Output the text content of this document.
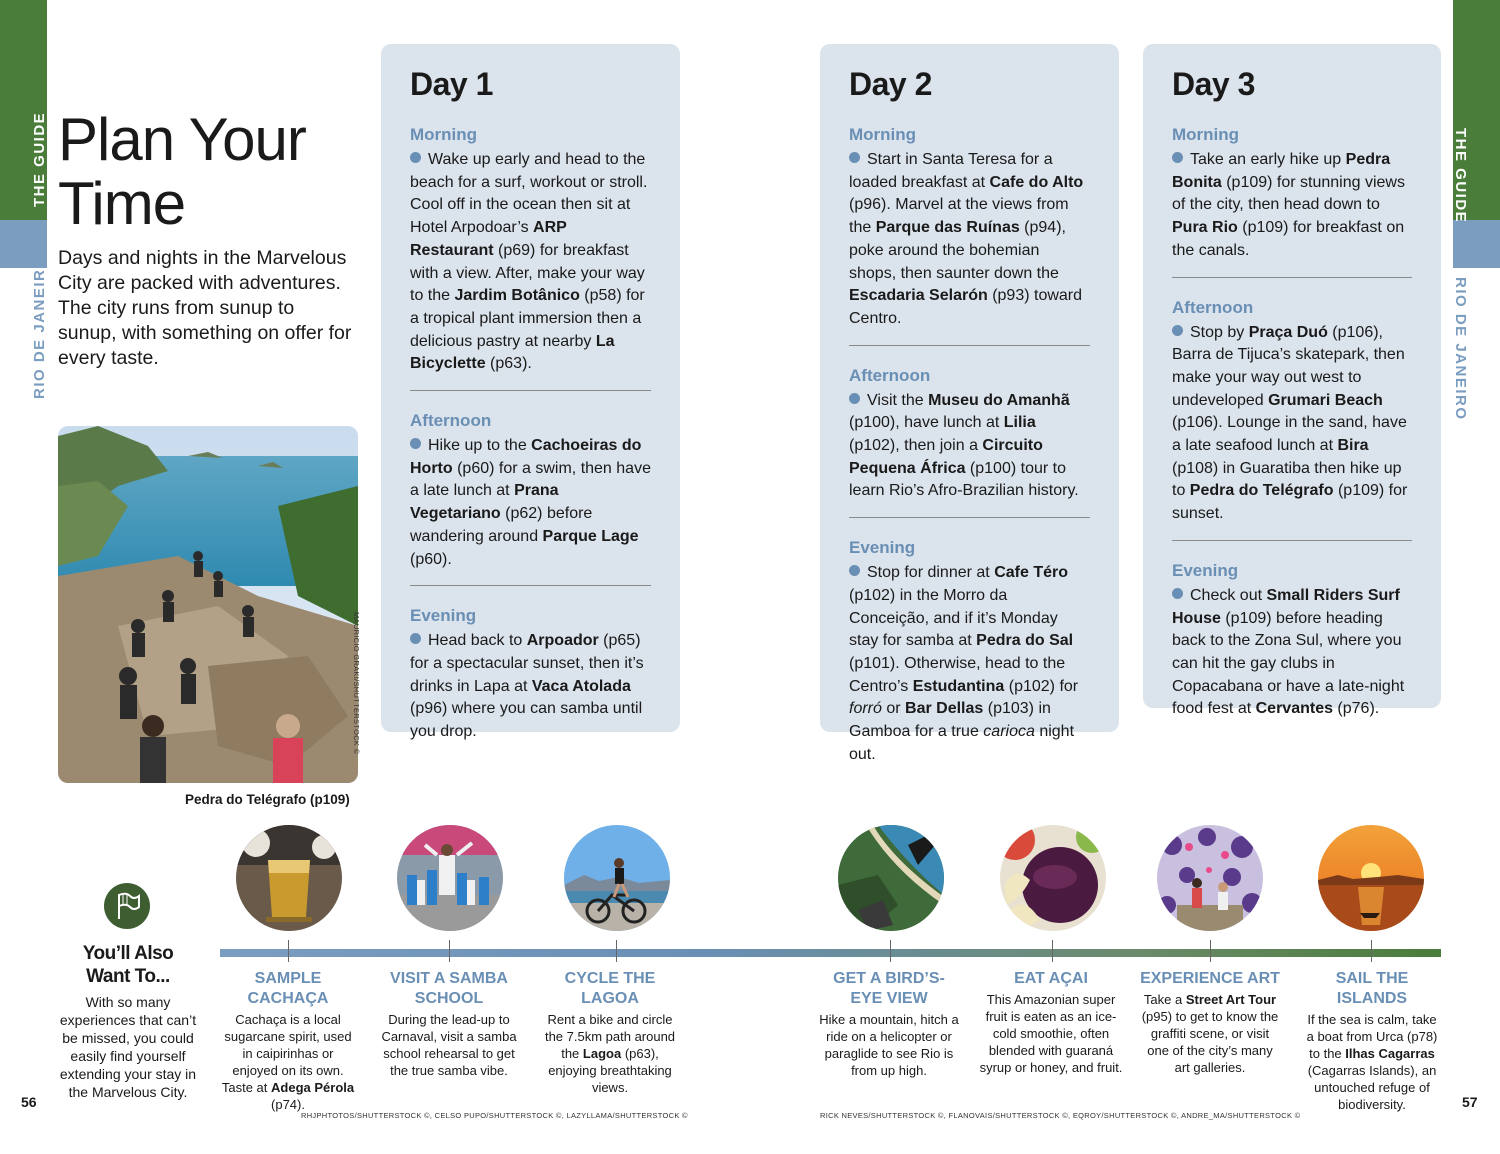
THE GUIDE
RIO DE JANEIRO
THE GUIDE
RIO DE JANEIRO
56	57
Plan Your
Time

Days and nights in the Marvelous City are packed with adventures. The city runs from sunup to sunup, with something on offer for every taste.

MAURICIO GRAKI/SHUTTERSTOCK ©
Pedra do Telégrafo (p109)
Day 1
Morning
Wake up early and head to the beach for a surf, workout or stroll. Cool off in the ocean then sit at Hotel Arpodoar’s ARP Restaurant (p69) for breakfast with a view. After, make your way to the Jardim Botânico (p58) for a tropical plant immersion then a delicious pastry at nearby La Bicyclette (p63).
Afternoon
Hike up to the Cachoeiras do Horto (p60) for a swim, then have a late lunch at Prana Vegetariano (p62) before wandering around Parque Lage (p60).
Evening
Head back to Arpoador (p65) for a spectacular sunset, then it’s drinks in Lapa at Vaca Atolada (p96) where you can samba until you drop.
Day 2
Morning
Start in Santa Teresa for a loaded breakfast at Cafe do Alto (p96). Marvel at the views from the Parque das Ruínas (p94), poke around the bohemian shops, then saunter down the Escadaria Selarón (p93) toward Centro.
Afternoon
Visit the Museu do Amanhã (p100), have lunch at Lilia (p102), then join a Circuito Pequena África (p100) tour to learn Rio’s Afro-Brazilian history.
Evening
Stop for dinner at Cafe Téro (p102) in the Morro da Conceição, and if it’s Monday stay for samba at Pedra do Sal (p101). Otherwise, head to the Centro’s Estudantina (p102) for forró or Bar Dellas (p103) in Gamboa for a true carioca night out.
Day 3
Morning
Take an early hike up Pedra Bonita (p109) for stunning views of the city, then head down to Pura Rio (p109) for breakfast on the canals.
Afternoon
Stop by Praça Duó (p106), Barra de Tijuca’s skatepark, then make your way out west to undeveloped Grumari Beach (p106). Lounge in the sand, have a late seafood lunch at Bira (p108) in Guaratiba then hike up to Pedra do Telégrafo (p109) for sunset.
Evening
Check out Small Riders Surf House (p109) before heading back to the Zona Sul, where you can hit the gay clubs in Copacabana or have a late-night food fest at Cervantes (p76).
You’ll Also
Want To...
With so many experiences that can’t be missed, you could easily find yourself extending your stay in the Marvelous City.
SAMPLE CACHAÇA
Cachaça is a local sugarcane spirit, used in caipirinhas or enjoyed on its own. Taste at Adega Pérola (p74).
VISIT A SAMBA SCHOOL
During the lead-up to Carnaval, visit a samba school rehearsal to get the true samba vibe.
CYCLE THE LAGOA
Rent a bike and circle the 7.5km path around the Lagoa (p63), enjoying breathtaking views.
GET A BIRD’S-EYE VIEW
Hike a mountain, hitch a ride on a helicopter or paraglide to see Rio is from up high.
EAT AÇAI
This Amazonian super fruit is eaten as an ice-cold smoothie, often blended with guaraná syrup or honey, and fruit.
EXPERIENCE ART
Take a Street Art Tour (p95) to get to know the graffiti scene, or visit one of the city’s many art galleries.
SAIL THE ISLANDS
If the sea is calm, take a boat from Urca (p78) to the Ilhas Cagarras (Cagarras Islands), an untouched refuge of biodiversity.
RHJPHTOTOS/SHUTTERSTOCK ©, CELSO PUPO/SHUTTERSTOCK ©, LAZYLLAMA/SHUTTERSTOCK ©	RICK NEVES/SHUTTERSTOCK ©, FLANOVAIS/SHUTTERSTOCK ©, EQROY/SHUTTERSTOCK ©, ANDRE_MA/SHUTTERSTOCK ©
